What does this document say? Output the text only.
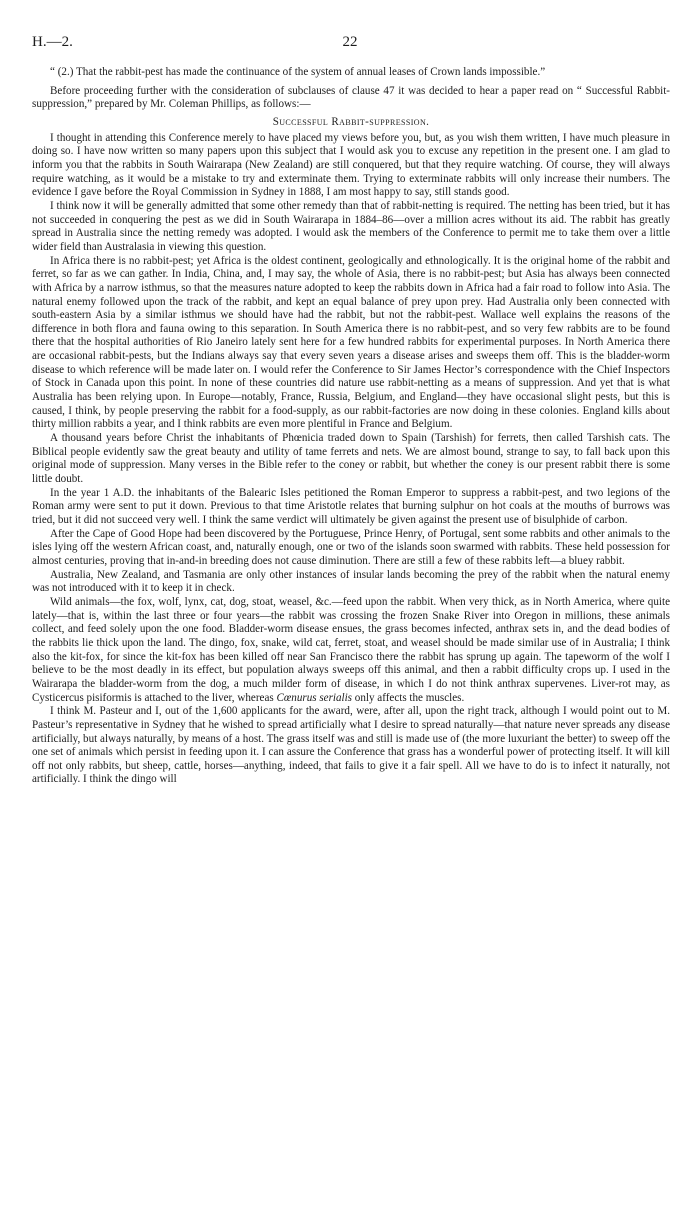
H.—2.	22

“ (2.) That the rabbit-pest has made the continuance of the system of annual leases of Crown lands impossible.”

Before proceeding further with the consideration of subclauses of clause 47 it was decided to hear a paper read on “ Successful Rabbit-suppression,” prepared by Mr. Coleman Phillips, as follows:—

Successful Rabbit-suppression.

I thought in attending this Conference merely to have placed my views before you, but, as you wish them written, I have much pleasure in doing so. I have now written so many papers upon this subject that I would ask you to excuse any repetition in the present one. I am glad to inform you that the rabbits in South Wairarapa (New Zealand) are still conquered, but that they require watching. Of course, they will always require watching, as it would be a mistake to try and exterminate them. Trying to exterminate rabbits will only increase their numbers. The evidence I gave before the Royal Commission in Sydney in 1888, I am most happy to say, still stands good.

I think now it will be generally admitted that some other remedy than that of rabbit-netting is required. The netting has been tried, but it has not succeeded in conquering the pest as we did in South Wairarapa in 1884–86—over a million acres without its aid. The rabbit has greatly spread in Australia since the netting remedy was adopted. I would ask the members of the Conference to permit me to take them over a little wider field than Australasia in viewing this question.

In Africa there is no rabbit-pest; yet Africa is the oldest continent, geologically and ethnologically. It is the original home of the rabbit and ferret, so far as we can gather. In India, China, and, I may say, the whole of Asia, there is no rabbit-pest; but Asia has always been connected with Africa by a narrow isthmus, so that the measures nature adopted to keep the rabbits down in Africa had a fair road to follow into Asia. The natural enemy followed upon the track of the rabbit, and kept an equal balance of prey upon prey. Had Australia only been connected with south-eastern Asia by a similar isthmus we should have had the rabbit, but not the rabbit-pest. Wallace well explains the reasons of the difference in both flora and fauna owing to this separation. In South America there is no rabbit-pest, and so very few rabbits are to be found there that the hospital authorities of Rio Janeiro lately sent here for a few hundred rabbits for experimental purposes. In North America there are occasional rabbit-pests, but the Indians always say that every seven years a disease arises and sweeps them off. This is the bladder-worm disease to which reference will be made later on. I would refer the Conference to Sir James Hector’s correspondence with the Chief Inspectors of Stock in Canada upon this point. In none of these countries did nature use rabbit-netting as a means of suppression. And yet that is what Australia has been relying upon. In Europe—notably, France, Russia, Belgium, and England—they have occasional slight pests, but this is caused, I think, by people preserving the rabbit for a food-supply, as our rabbit-factories are now doing in these colonies. England kills about thirty million rabbits a year, and I think rabbits are even more plentiful in France and Belgium.

A thousand years before Christ the inhabitants of Phœnicia traded down to Spain (Tarshish) for ferrets, then called Tarshish cats. The Biblical people evidently saw the great beauty and utility of tame ferrets and nets. We are almost bound, strange to say, to fall back upon this original mode of suppression. Many verses in the Bible refer to the coney or rabbit, but whether the coney is our present rabbit there is some little doubt.

In the year 1 A.D. the inhabitants of the Balearic Isles petitioned the Roman Emperor to suppress a rabbit-pest, and two legions of the Roman army were sent to put it down. Previous to that time Aristotle relates that burning sulphur on hot coals at the mouths of burrows was tried, but it did not succeed very well. I think the same verdict will ultimately be given against the present use of bisulphide of carbon.

After the Cape of Good Hope had been discovered by the Portuguese, Prince Henry, of Portugal, sent some rabbits and other animals to the isles lying off the western African coast, and, naturally enough, one or two of the islands soon swarmed with rabbits. These held possession for almost centuries, proving that in-and-in breeding does not cause diminution. There are still a few of these rabbits left—a bluey rabbit.

Australia, New Zealand, and Tasmania are only other instances of insular lands becoming the prey of the rabbit when the natural enemy was not introduced with it to keep it in check.

Wild animals—the fox, wolf, lynx, cat, dog, stoat, weasel, &c.—feed upon the rabbit. When very thick, as in North America, where quite lately—that is, within the last three or four years—the rabbit was crossing the frozen Snake River into Oregon in millions, these animals collect, and feed solely upon the one food. Bladder-worm disease ensues, the grass becomes infected, anthrax sets in, and the dead bodies of the rabbits lie thick upon the land. The dingo, fox, snake, wild cat, ferret, stoat, and weasel should be made similar use of in Australia; I think also the kit-fox, for since the kit-fox has been killed off near San Francisco there the rabbit has sprung up again. The tapeworm of the wolf I believe to be the most deadly in its effect, but population always sweeps off this animal, and then a rabbit difficulty crops up. I used in the Wairarapa the bladder-worm from the dog, a much milder form of disease, in which I do not think anthrax supervenes. Liver-rot may, as Cysticercus pisiformis is attached to the liver, whereas Cœnurus serialis only affects the muscles.

I think M. Pasteur and I, out of the 1,600 applicants for the award, were, after all, upon the right track, although I would point out to M. Pasteur’s representative in Sydney that he wished to spread artificially what I desire to spread naturally—that nature never spreads any disease artificially, but always naturally, by means of a host. The grass itself was and still is made use of (the more luxuriant the better) to sweep off the one set of animals which persist in feeding upon it. I can assure the Conference that grass has a wonderful power of protecting itself. It will kill off not only rabbits, but sheep, cattle, horses—anything, indeed, that fails to give it a fair spell. All we have to do is to infect it naturally, not artificially. I think the dingo will
